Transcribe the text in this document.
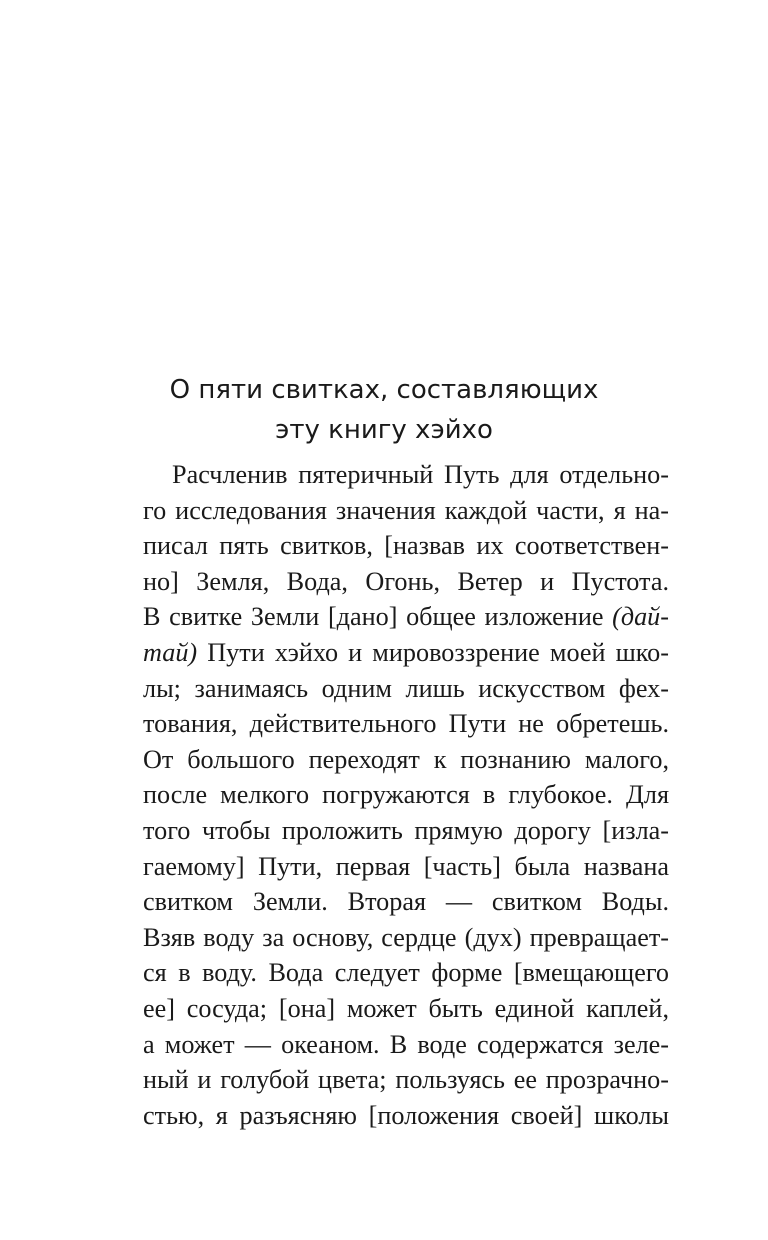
О пяти свитках, составляющих
эту книгу хэйхо
Расчленив пятеричный Путь для отдельно-
го исследования значения каждой части, я на-
писал пять свитков, [назвав их соответствен-
но] Земля, Вода, Огонь, Ветер и Пустота.
В свитке Земли [дано] общее изложение (дай-
тай) Пути хэйхо и мировоззрение моей шко-
лы; занимаясь одним лишь искусством фех-
тования, действительного Пути не обретешь.
От большого переходят к познанию малого,
после мелкого погружаются в глубокое. Для
того чтобы проложить прямую дорогу [изла-
гаемому] Пути, первая [часть] была названа
свитком Земли. Вторая — свитком Воды.
Взяв воду за основу, сердце (дух) превращает-
ся в воду. Вода следует форме [вмещающего
ее] сосуда; [она] может быть единой каплей,
а может — океаном. В воде содержатся зеле-
ный и голубой цвета; пользуясь ее прозрачно-
стью, я разъясняю [положения своей] школы
